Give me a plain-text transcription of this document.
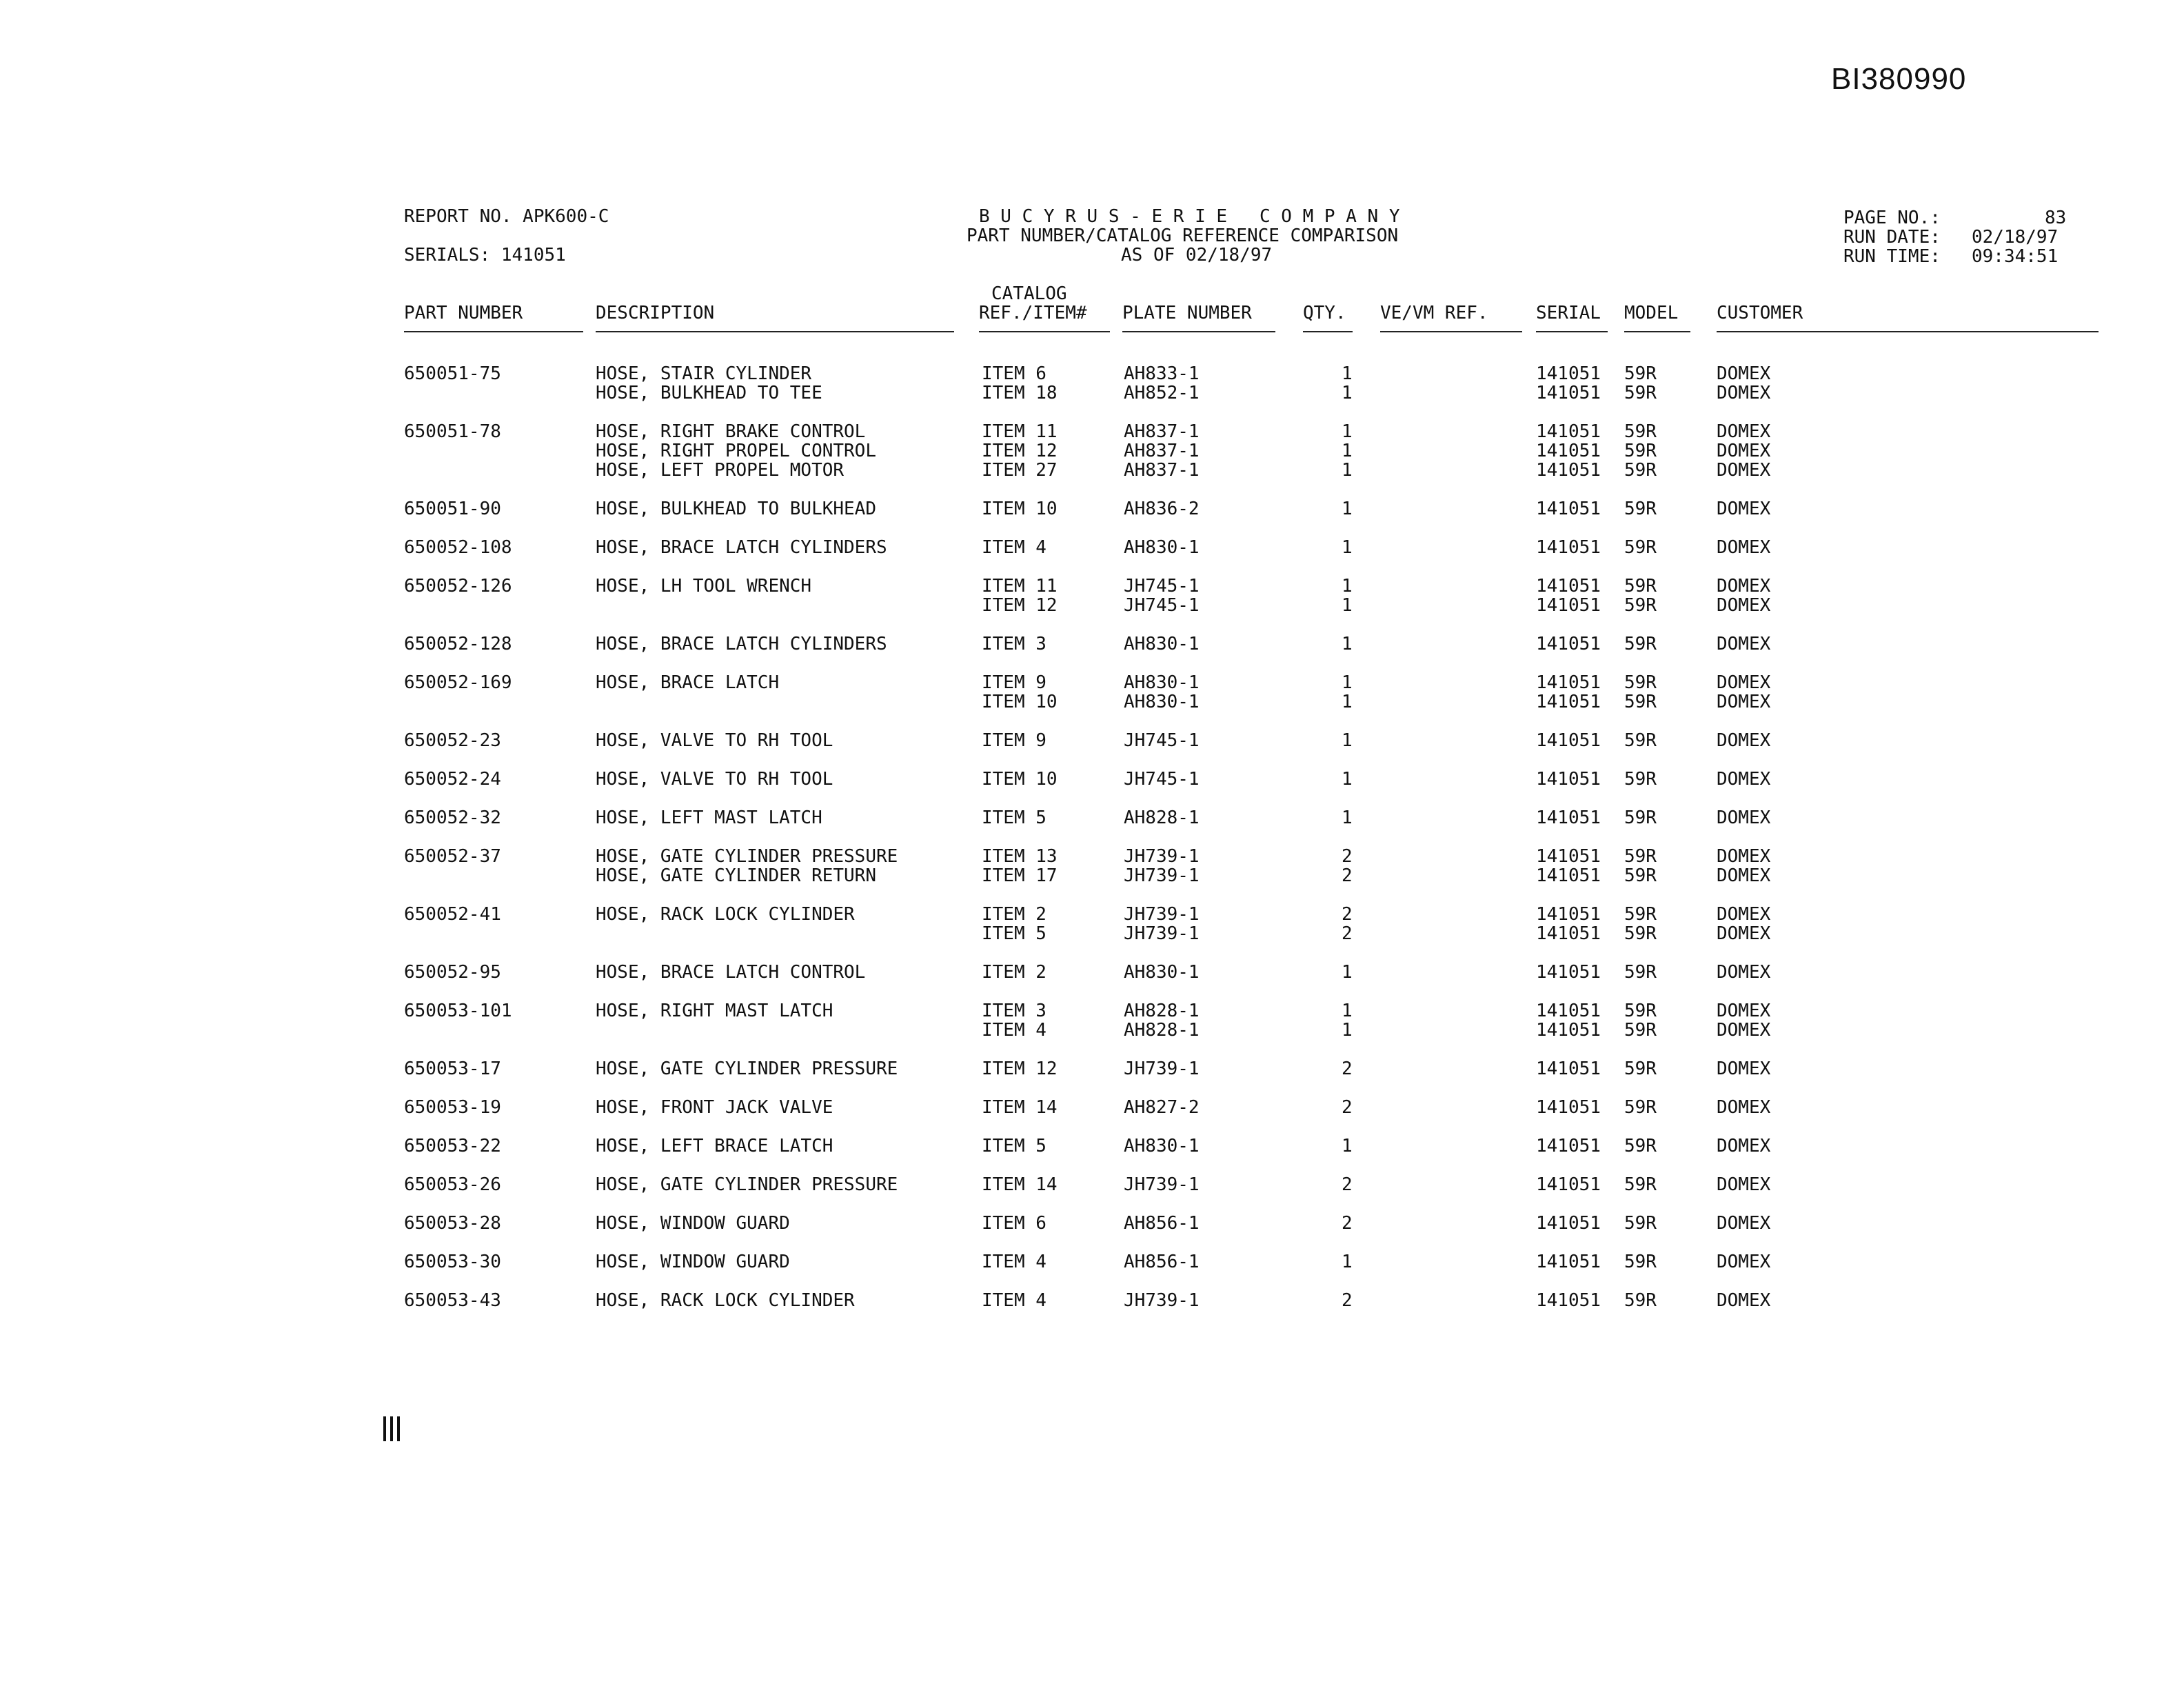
BI380990
REPORT NO. APK600-C
SERIALS: 141051
B U C Y R U S - E R I E   C O M P A N Y
PART NUMBER/CATALOG REFERENCE COMPARISON
AS OF 02/18/97
PAGE NO.:	83
RUN DATE: 02/18/97
RUN TIME: 09:34:51
PART NUMBER	DESCRIPTION
CATALOG
REF./ITEM# PLATE NUMBER	QTY. VE/VM REF.	SERIAL MODEL CUSTOMER
650051-75	HOSE, STAIR CYLINDER	ITEM 6	AH833-1	1	141051 59R	DOMEX
HOSE, BULKHEAD TO TEE	ITEM 18	AH852-1	1	141051 59R	DOMEX
650051-78	HOSE, RIGHT BRAKE CONTROL	ITEM 11	AH837-1	1	141051 59R	DOMEX
HOSE, RIGHT PROPEL CONTROL	ITEM 12	AH837-1	1	141051 59R	DOMEX
HOSE, LEFT PROPEL MOTOR	ITEM 27	AH837-1	1	141051 59R	DOMEX
650051-90	HOSE, BULKHEAD TO BULKHEAD	ITEM 10	AH836-2	1	141051 59R	DOMEX
650052-108	HOSE, BRACE LATCH CYLINDERS	ITEM 4	AH830-1	1	141051 59R	DOMEX
650052-126	HOSE, LH TOOL WRENCH	ITEM 11	JH745-1	1	141051 59R	DOMEX
ITEM 12	JH745-1	1	141051 59R	DOMEX
650052-128	HOSE, BRACE LATCH CYLINDERS	ITEM 3	AH830-1	1	141051 59R	DOMEX
650052-169	HOSE, BRACE LATCH	ITEM 9	AH830-1	1	141051 59R	DOMEX
ITEM 10	AH830-1	1	141051 59R	DOMEX
650052-23	HOSE, VALVE TO RH TOOL	ITEM 9	JH745-1	1	141051 59R	DOMEX
650052-24	HOSE, VALVE TO RH TOOL	ITEM 10	JH745-1	1	141051 59R	DOMEX
650052-32	HOSE, LEFT MAST LATCH	ITEM 5	AH828-1	1	141051 59R	DOMEX
650052-37	HOSE, GATE CYLINDER PRESSURE	ITEM 13	JH739-1	2	141051 59R	DOMEX
HOSE, GATE CYLINDER RETURN	ITEM 17	JH739-1	2	141051 59R	DOMEX
650052-41	HOSE, RACK LOCK CYLINDER	ITEM 2	JH739-1	2	141051 59R	DOMEX
ITEM 5	JH739-1	2	141051 59R	DOMEX
650052-95	HOSE, BRACE LATCH CONTROL	ITEM 2	AH830-1	1	141051 59R	DOMEX
650053-101	HOSE, RIGHT MAST LATCH	ITEM 3	AH828-1	1	141051 59R	DOMEX
ITEM 4	AH828-1	1	141051 59R	DOMEX
650053-17	HOSE, GATE CYLINDER PRESSURE	ITEM 12	JH739-1	2	141051 59R	DOMEX
650053-19	HOSE, FRONT JACK VALVE	ITEM 14	AH827-2	2	141051 59R	DOMEX
650053-22	HOSE, LEFT BRACE LATCH	ITEM 5	AH830-1	1	141051 59R	DOMEX
650053-26	HOSE, GATE CYLINDER PRESSURE	ITEM 14	JH739-1	2	141051 59R	DOMEX
650053-28	HOSE, WINDOW GUARD	ITEM 6	AH856-1	2	141051 59R	DOMEX
650053-30	HOSE, WINDOW GUARD	ITEM 4	AH856-1	1	141051 59R	DOMEX
650053-43	HOSE, RACK LOCK CYLINDER	ITEM 4	JH739-1	2	141051 59R	DOMEX
